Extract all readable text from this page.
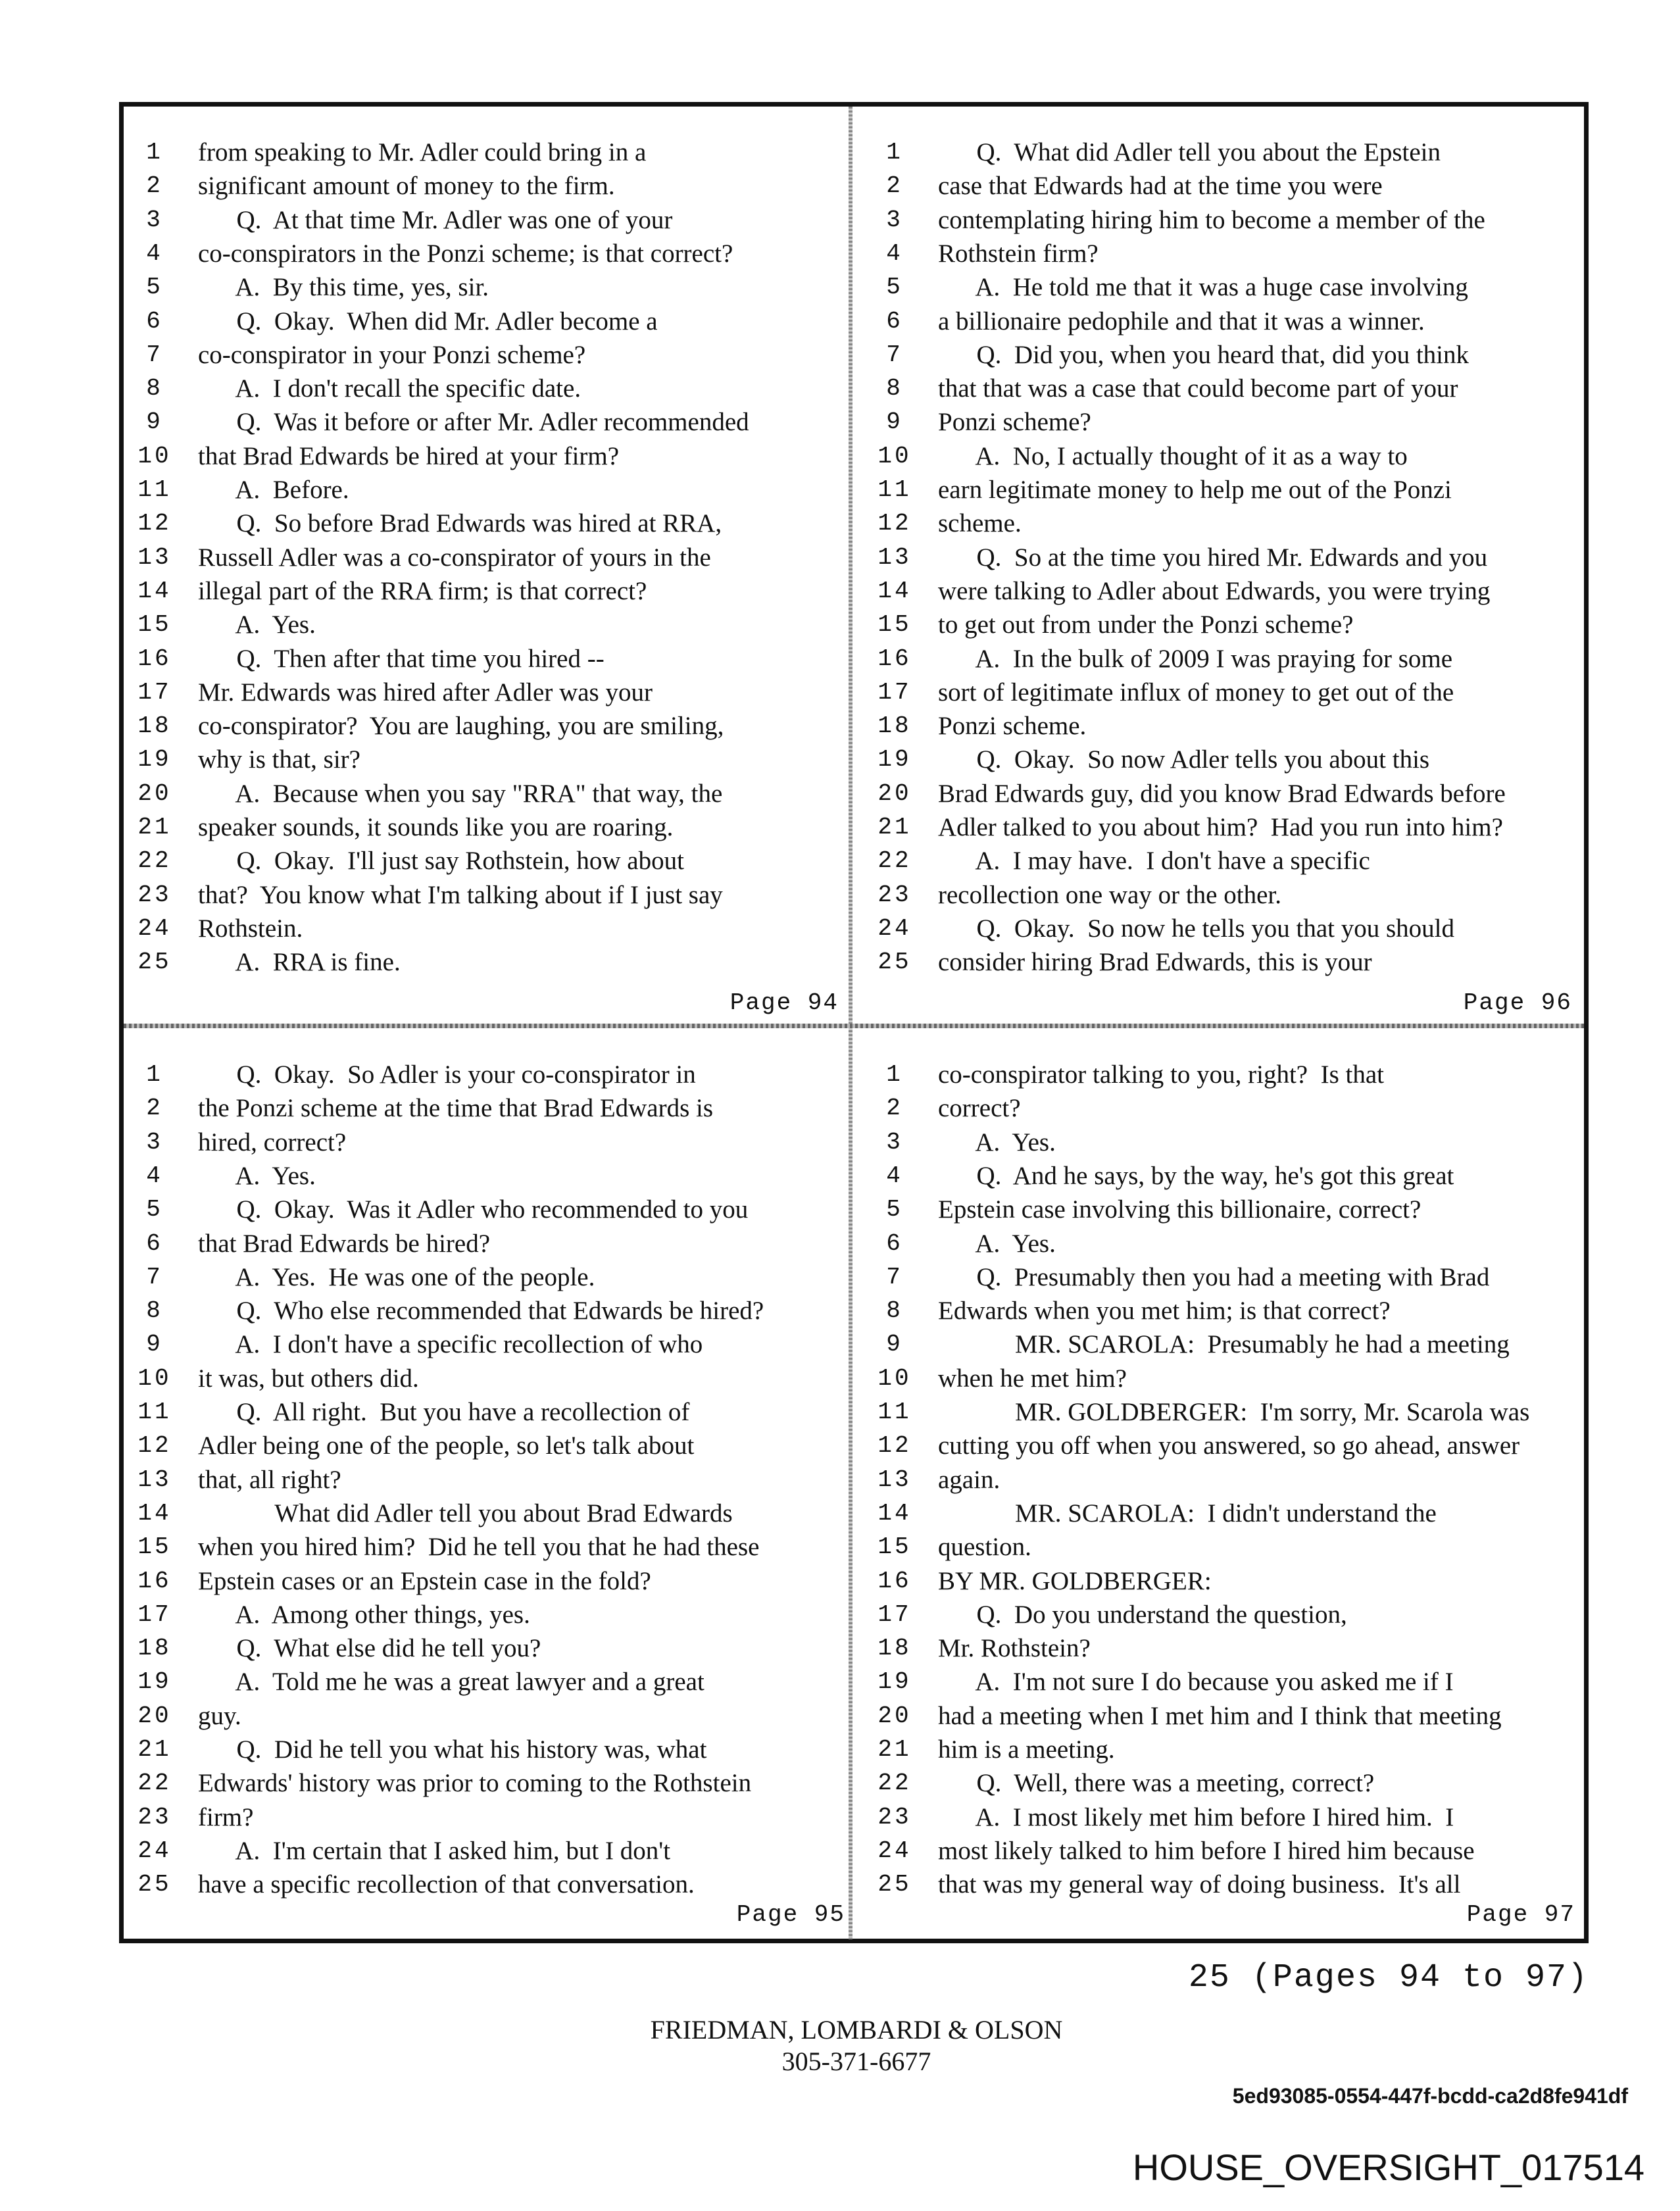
1	from speaking to Mr. Adler could bring in a
2	significant amount of money to the firm.
3	Q.  At that time Mr. Adler was one of your
4	co-conspirators in the Ponzi scheme; is that correct?
5	A.  By this time, yes, sir.
6	Q.  Okay.  When did Mr. Adler become a
7	co-conspirator in your Ponzi scheme?
8	A.  I don't recall the specific date.
9	Q.  Was it before or after Mr. Adler recommended
10 that Brad Edwards be hired at your firm?
11 A.  Before.
12 Q.  So before Brad Edwards was hired at RRA,
13 Russell Adler was a co-conspirator of yours in the
14 illegal part of the RRA firm; is that correct?
15 A.  Yes.
16 Q.  Then after that time you hired --
17 Mr. Edwards was hired after Adler was your
18 co-conspirator?  You are laughing, you are smiling,
19 why is that, sir?
20 A.  Because when you say "RRA" that way, the
21 speaker sounds, it sounds like you are roaring.
22 Q.  Okay.  I'll just say Rothstein, how about
23 that?  You know what I'm talking about if I just say
24 Rothstein.
25 A.  RRA is fine.
1	Q.  Okay.  So Adler is your co-conspirator in
2	the Ponzi scheme at the time that Brad Edwards is
3	hired, correct?
4	A.  Yes.
5	Q.  Okay.  Was it Adler who recommended to you
6	that Brad Edwards be hired?
7	A.  Yes.  He was one of the people.
8	Q.  Who else recommended that Edwards be hired?
9	A.  I don't have a specific recollection of who
10 it was, but others did.
11 Q.  All right.  But you have a recollection of
12 Adler being one of the people, so let's talk about
13 that, all right?
14 What did Adler tell you about Brad Edwards
15 when you hired him?  Did he tell you that he had these
16 Epstein cases or an Epstein case in the fold?
17 A.  Among other things, yes.
18 Q.  What else did he tell you?
19 A.  Told me he was a great lawyer and a great
20 guy.
21 Q.  Did he tell you what his history was, what
22 Edwards' history was prior to coming to the Rothstein
23 firm?
24 A.  I'm certain that I asked him, but I don't
25 have a specific recollection of that conversation.
1	Q.  What did Adler tell you about the Epstein
2	case that Edwards had at the time you were
3	contemplating hiring him to become a member of the
4	Rothstein firm?
5	A.  He told me that it was a huge case involving
6	a billionaire pedophile and that it was a winner.
7	Q.  Did you, when you heard that, did you think
8	that that was a case that could become part of your
9	Ponzi scheme?
10 A.  No, I actually thought of it as a way to
11 earn legitimate money to help me out of the Ponzi
12 scheme.
13 Q.  So at the time you hired Mr. Edwards and you
14 were talking to Adler about Edwards, you were trying
15 to get out from under the Ponzi scheme?
16 A.  In the bulk of 2009 I was praying for some
17 sort of legitimate influx of money to get out of the
18 Ponzi scheme.
19 Q.  Okay.  So now Adler tells you about this
20 Brad Edwards guy, did you know Brad Edwards before
21 Adler talked to you about him?  Had you run into him?
22 A.  I may have.  I don't have a specific
23 recollection one way or the other.
24 Q.  Okay.  So now he tells you that you should
25 consider hiring Brad Edwards, this is your
1	co-conspirator talking to you, right?  Is that
2	correct?
3	A.  Yes.
4	Q.  And he says, by the way, he's got this great
5	Epstein case involving this billionaire, correct?
6	A.  Yes.
7	Q.  Presumably then you had a meeting with Brad
8	Edwards when you met him; is that correct?
9	MR. SCAROLA:  Presumably he had a meeting
10 when he met him?
11 MR. GOLDBERGER:  I'm sorry, Mr. Scarola was
12 cutting you off when you answered, so go ahead, answer
13 again.
14 MR. SCAROLA:  I didn't understand the
15 question.
16 BY MR. GOLDBERGER:
17 Q.  Do you understand the question,
18 Mr. Rothstein?
19 A.  I'm not sure I do because you asked me if I
20 had a meeting when I met him and I think that meeting
21 him is a meeting.
22 Q.  Well, there was a meeting, correct?
23 A.  I most likely met him before I hired him.  I
24 most likely talked to him before I hired him because
25 that was my general way of doing business.  It's all
Page 94
Page 95
Page 96
Page 97
25 (Pages 94 to 97)
FRIEDMAN, LOMBARDI & OLSON
305-371-6677
5ed93085-0554-447f-bcdd-ca2d8fe941df
HOUSE_OVERSIGHT_017514
